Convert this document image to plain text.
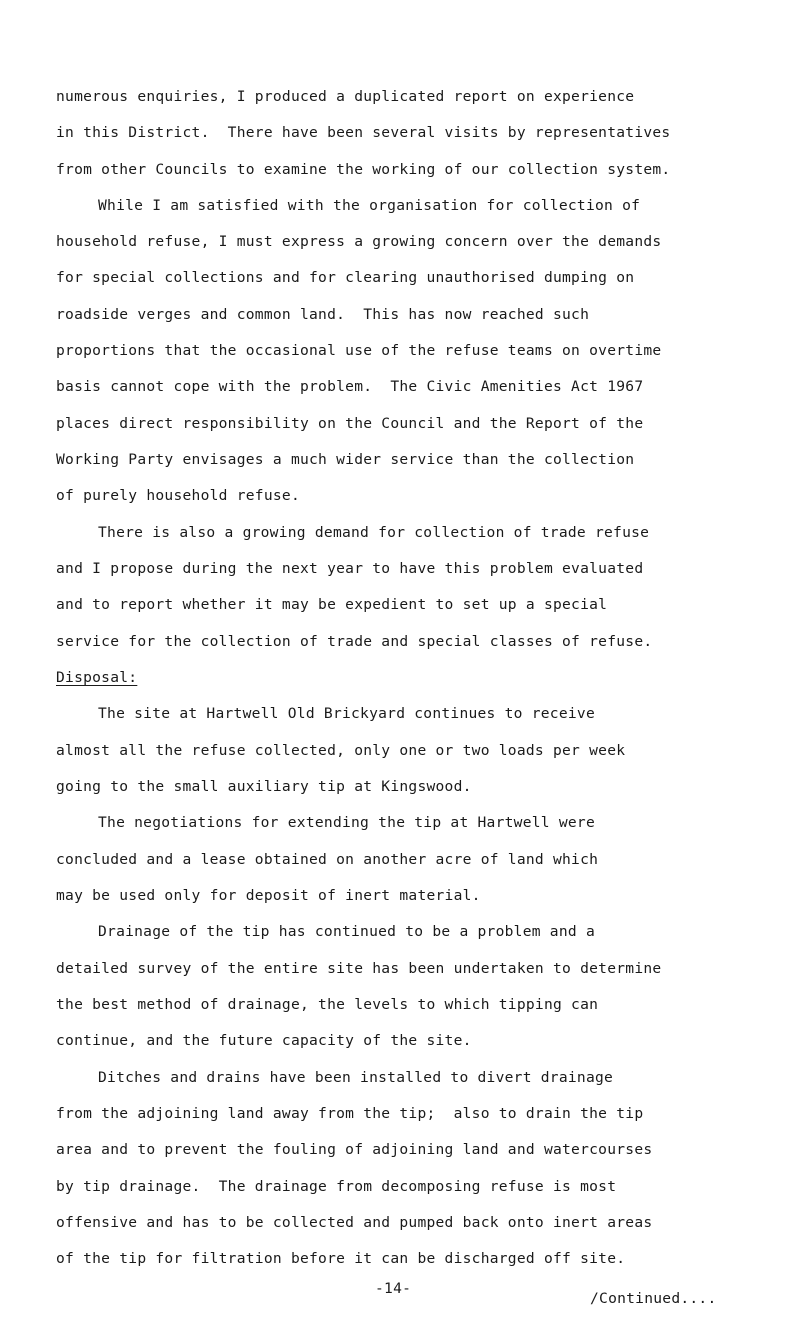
numerous enquiries, I produced a duplicated report on experience
in this District.  There have been several visits by representatives
from other Councils to examine the working of our collection system.
While I am satisfied with the organisation for collection of
household refuse, I must express a growing concern over the demands
for special collections and for clearing unauthorised dumping on
roadside verges and common land.  This has now reached such
proportions that the occasional use of the refuse teams on overtime
basis cannot cope with the problem.  The Civic Amenities Act 1967
places direct responsibility on the Council and the Report of the
Working Party envisages a much wider service than the collection
of purely household refuse.
There is also a growing demand for collection of trade refuse
and I propose during the next year to have this problem evaluated
and to report whether it may be expedient to set up a special
service for the collection of trade and special classes of refuse.
Disposal:
The site at Hartwell Old Brickyard continues to receive
almost all the refuse collected, only one or two loads per week
going to the small auxiliary tip at Kingswood.
The negotiations for extending the tip at Hartwell were
concluded and a lease obtained on another acre of land which
may be used only for deposit of inert material.
Drainage of the tip has continued to be a problem and a
detailed survey of the entire site has been undertaken to determine
the best method of drainage, the levels to which tipping can
continue, and the future capacity of the site.
Ditches and drains have been installed to divert drainage
from the adjoining land away from the tip;  also to drain the tip
area and to prevent the fouling of adjoining land and watercourses
by tip drainage.  The drainage from decomposing refuse is most
offensive and has to be collected and pumped back onto inert areas
of the tip for filtration before it can be discharged off site.
-14-
/Continued....
